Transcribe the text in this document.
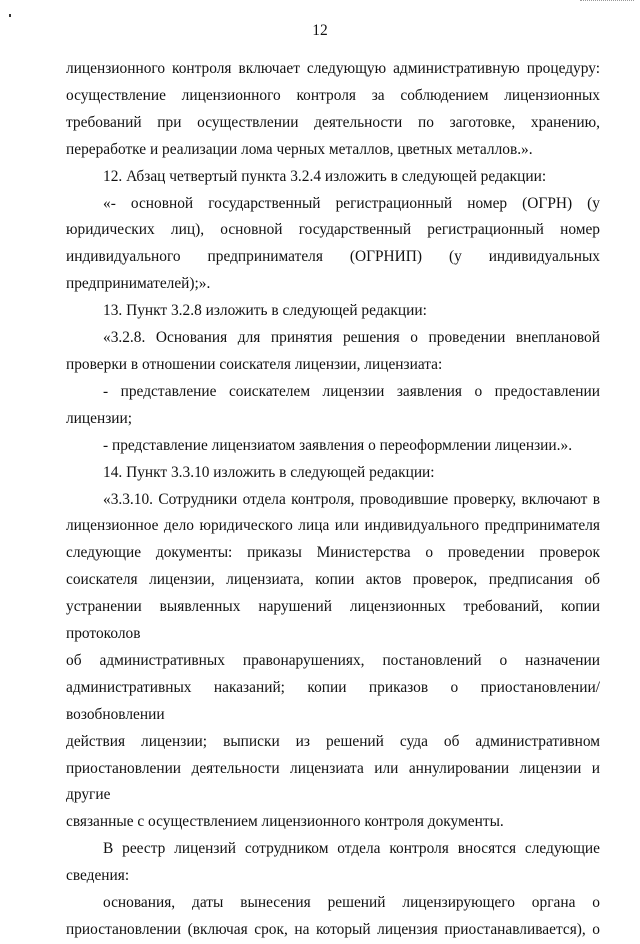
12

лицензионного контроля включает следующую административную процедуру:

осуществление лицензионного контроля за соблюдением лицензионных

требований при осуществлении деятельности по заготовке, хранению,

переработке и реализации лома черных металлов, цветных металлов.».

12. Абзац четвертый пункта 3.2.4 изложить в следующей редакции:

«- основной государственный регистрационный номер (ОГРН) (у

юридических лиц), основной государственный регистрационный номер

индивидуального предпринимателя (ОГРНИП) (у индивидуальных

предпринимателей);».

13. Пункт 3.2.8 изложить в следующей редакции:

«3.2.8. Основания для принятия решения о проведении внеплановой

проверки в отношении соискателя лицензии, лицензиата:

- представление соискателем лицензии заявления о предоставлении

лицензии;

- представление лицензиатом заявления о переоформлении лицензии.».

14. Пункт 3.3.10 изложить в следующей редакции:

«3.3.10. Сотрудники отдела контроля, проводившие проверку, включают в

лицензионное дело юридического лица или индивидуального предпринимателя

следующие документы: приказы Министерства о проведении проверок

соискателя лицензии, лицензиата, копии актов проверок, предписания об

устранении выявленных нарушений лицензионных требований, копии протоколов

об административных правонарушениях, постановлений о назначении

административных наказаний; копии приказов о приостановлении/возобновлении

действия лицензии; выписки из решений суда об административном

приостановлении деятельности лицензиата или аннулировании лицензии и другие

связанные с осуществлением лицензионного контроля документы.

В реестр лицензий сотрудником отдела контроля вносятся следующие

сведения:

основания, даты вынесения решений лицензирующего органа о

приостановлении (включая срок, на который лицензия приостанавливается), о
